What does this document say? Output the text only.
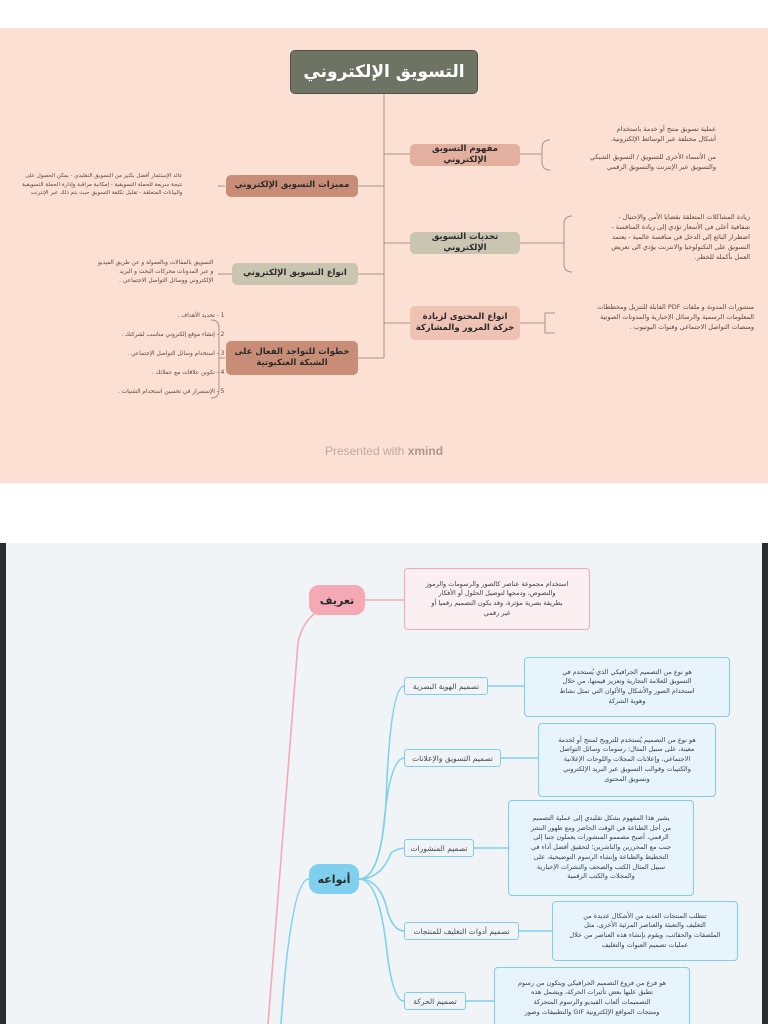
التسويق الإلكتروني
مفهوم التسويق الإلكتروني
تحديات التسويق الإلكتروني
انواع المحتوى لزيادة حركة المرور والمشاركة
عملية تسويق منتج أو خدمة باستخدام
أشكال مختلفة عبر الوسائط الإلكترونية.
من الأسماء الأخرى للتسويق / التسويق الشبكي
والتسويق عبر الإنترنت والتسويق الرقمي
زيادة المشاكلات المتعلقة بقضايا الأمن والإحتيال -
شفافية أعلى في الأسعار تؤدي إلى زيادة المنافسة -
اضطرار البائع إلى الدخل في منافسة عالمية - يعتمد
التسويق على التكنولوجيا والانترنت يؤدي الى تعريض
العمل بأكمله للخطر.
منشورات المدونة و ملفات PDF القابلة للتنزيل ومخططات
المعلومات الرسمية والرسائل الإخبارية والمدونات الصوتية
ومنصات التواصل الاجتماعي وقنوات اليوتيوب .
مميزات التسويق الإلكتروني
انواع التسويق الإلكتروني
خطوات للتواجد الفعال على الشبكة العنكبوتية
عائد الإستثمار أفضل بكثير من التسويق التقليدي - يمكن الحصول على
نتيجة سريعة للحملة التسويقية - إمكانية مراقبة وإدارة الحملة التسويقية
والبيانات المتعلقة - تقليل تكلفة التسويق حيث يتم ذلك عبر الإنترنت
التسويق بالمقالات وبالعمولة و عن طريق الفيديو
و عبر المدونات محركات البحث و البريد
الإلكتروني ووسائل التواصل الاجتماعي .
1 - تحديد الأهداف .
2 - إنشاء موقع إلكتروني مناسب لشركتك .
3 - استخدام وسائل التواصل الإجتماعي .
4 - تكوين علاقات مع عملائك .
5 - الإستمرار في تحسين استخدام التقنيات .
Presented with xmind
تعريف
استخدام مجموعة عناصر كالصور والرسومات والرموز
والنصوص، ودمجها لتوصيل الحلول أو الأفكار
بطريقة بصرية مؤثرة، وقد يكون التصميم رقميا أو
غير رقمي
أنواعه
تصميم الهوية البصرية
تصميم التسويق والإعلانات
تصميم المنشورات
تصميم أدوات التغليف للمنتجات
تصميم الحركة
هو نوع من التصميم الجرافيكي الذي يُستخدم في
التسويق للعلامة التجارية وتعزيز قيمتها، من خلال
استخدام الصور والأشكال والألوان التي تمثل نشاط
وهوية الشركة
هو نوع من التصميم يُستخدم للترويج لمنتج أو لخدمة
معينة، على سبيل المثال: رسومات وسائل التواصل
الاجتماعي، وإعلانات المجلات واللوحات الإعلانية
والكتيبات وقوالب التسويق عبر البريد الإلكتروني
وتسويق المحتوى
يشير هذا المفهوم بشكل تقليدي إلى عملية التصميم
من أجل الطباعة في الوقت الحاضر ومع ظهور النشر
الرقمي، أصبح مصممو المنشورات يعملون جنبا إلى
جنب مع المحررين والناشرين؛ لتحقيق أفضل أداء في
التخطيط والطباعة وإنشاء الرسوم التوضيحية، على
سبيل المثال الكتب والصحف والنشرات الإخبارية
والمجلات والكتب الرقمية
تتطلب المنتجات العديد من الأشكال عديدة من
التغليف والتعبئة والعناصر المرئية الأخرى، مثل
الملصقات والحقائب، ويقوم بإنشاء هذه العناصر من خلال
عمليات تصميم العبوات والتغليف
هو فرع من فروع التصميم الجرافيكي ويتكون من رسوم
تطبق عليها بعض تأثيرات الحركة، ويشمل هذه
التصميمات ألعاب الفيديو والرسوم المتحركة
ومنتجات المواقع الإلكترونية GIF والتطبيقات وصور
